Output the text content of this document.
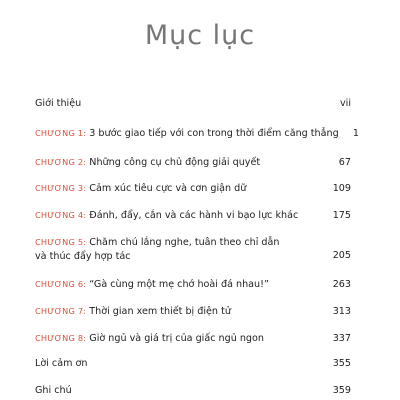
Mục lục
Giới thiệu	vii
CHƯƠNG 1: 3 bước giao tiếp với con trong thời điểm căng thẳng 1
CHƯƠNG 2: Những công cụ chủ động giải quyết	67
CHƯƠNG 3: Cảm xúc tiêu cực và cơn giận dữ	109
CHƯƠNG 4: Đánh, đẩy, cắn và các hành vi bạo lực khác	175
CHƯƠNG 5: Chăm chú lắng nghe, tuân theo chỉ dẫn
và thúc đẩy hợp tác	205
CHƯƠNG 6: “Gà cùng một mẹ chớ hoài đá nhau!”	263
CHƯƠNG 7: Thời gian xem thiết bị điện tử	313
CHƯƠNG 8: Giờ ngủ và giá trị của giấc ngủ ngon	337
Lời cảm ơn	355
Ghi chú	359
